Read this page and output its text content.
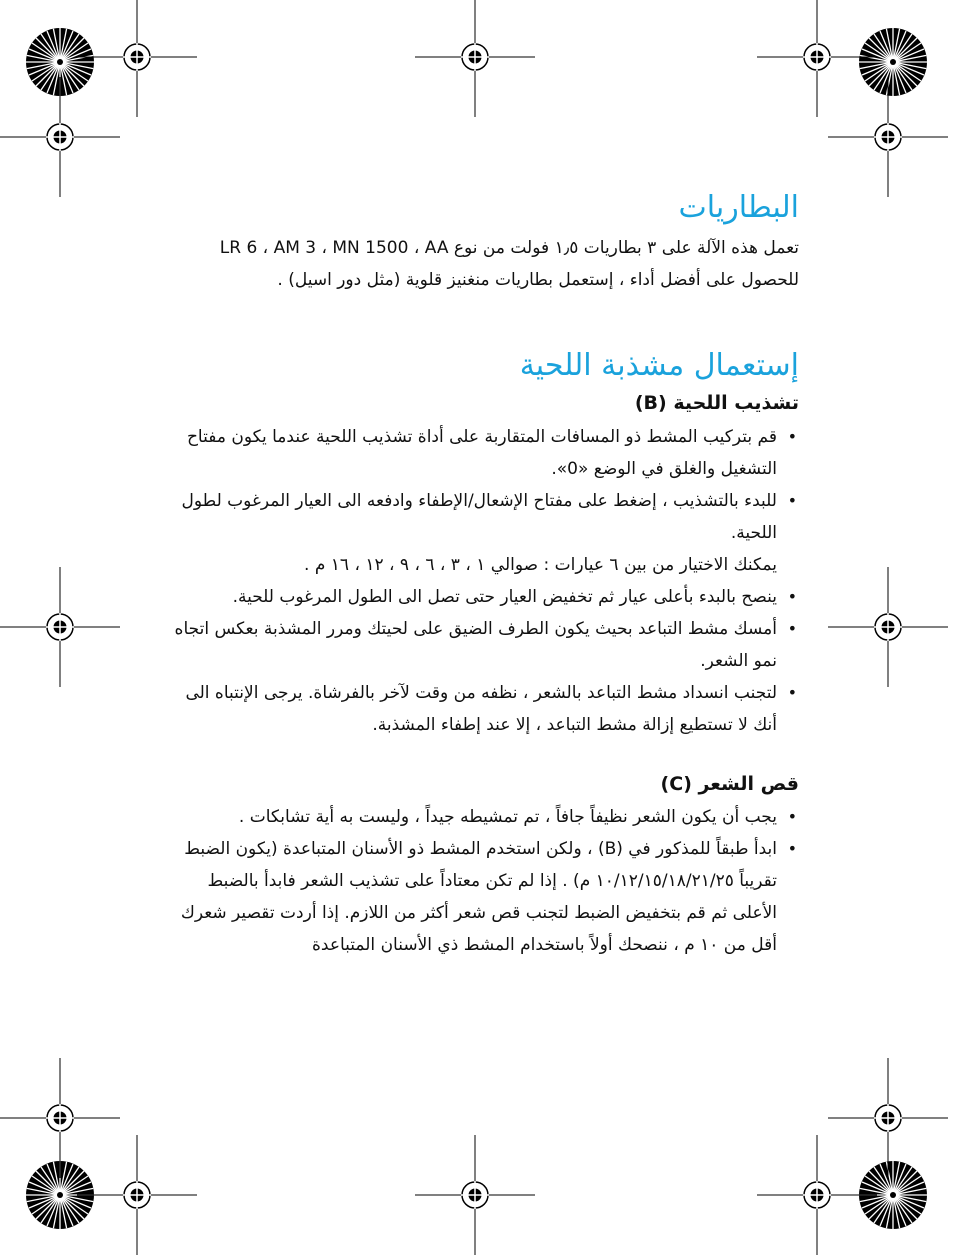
البطاريات

تعمل هذه الآلة على ٣ بطاريات ١٫٥ فولت من نوع LR 6 ، AM 3 ، MN 1500 ، AA للحصول على أفضل أداء ، إستعمل بطاريات منغنيز قلوية (مثل دور اسيل) .

إستعمال مشذبة اللحية
تشذيب اللحية (B)
• قم بتركيب المشط ذو المسافات المتقاربة على أداة تشذيب اللحية عندما يكون مفتاح التشغيل والغلق في الوضع «0».
• للبدء بالتشذيب ، إضغط على مفتاح الإشعال/الإطفاء وادفعه الى العيار المرغوب لطول اللحية.
يمكنك الاختيار من بين ٦ عيارات : صوالي ١ ، ٣ ، ٦ ، ٩ ، ١٢ ، ١٦ م .
• ينصح بالبدء بأعلى عيار ثم تخفيض العيار حتى تصل الى الطول المرغوب للحية.
• أمسك مشط التباعد بحيث يكون الطرف الضيق على لحيتك ومرر المشذبة بعكس اتجاه نمو الشعر.
• لتجنب انسداد مشط التباعد بالشعر ، نظفه من وقت لآخر بالفرشاة. يرجى الإنتباه الى أنك لا تستطيع إزالة مشط التباعد ، إلا عند إطفاء المشذبة.
قص الشعر (C)
• يجب أن يكون الشعر نظيفاً جافاً ، تم تمشيطه جيداً ، وليست به أية تشابكات .
• ابدأ طبقاً للمذكور في (B) ، ولكن استخدم المشط ذو الأسنان المتباعدة (يكون الضبط تقريباً ١٠/١٢/١٥/١٨/٢١/٢٥ م) . إذا لم تكن معتاداً على تشذيب الشعر فابدأ بالضبط الأعلى ثم قم بتخفيض الضبط لتجنب قص شعر أكثر من اللازم. إذا أردت تقصير شعرك أقل من ١٠ م ، ننصحك أولاً باستخدام المشط ذي الأسنان المتباعدة
